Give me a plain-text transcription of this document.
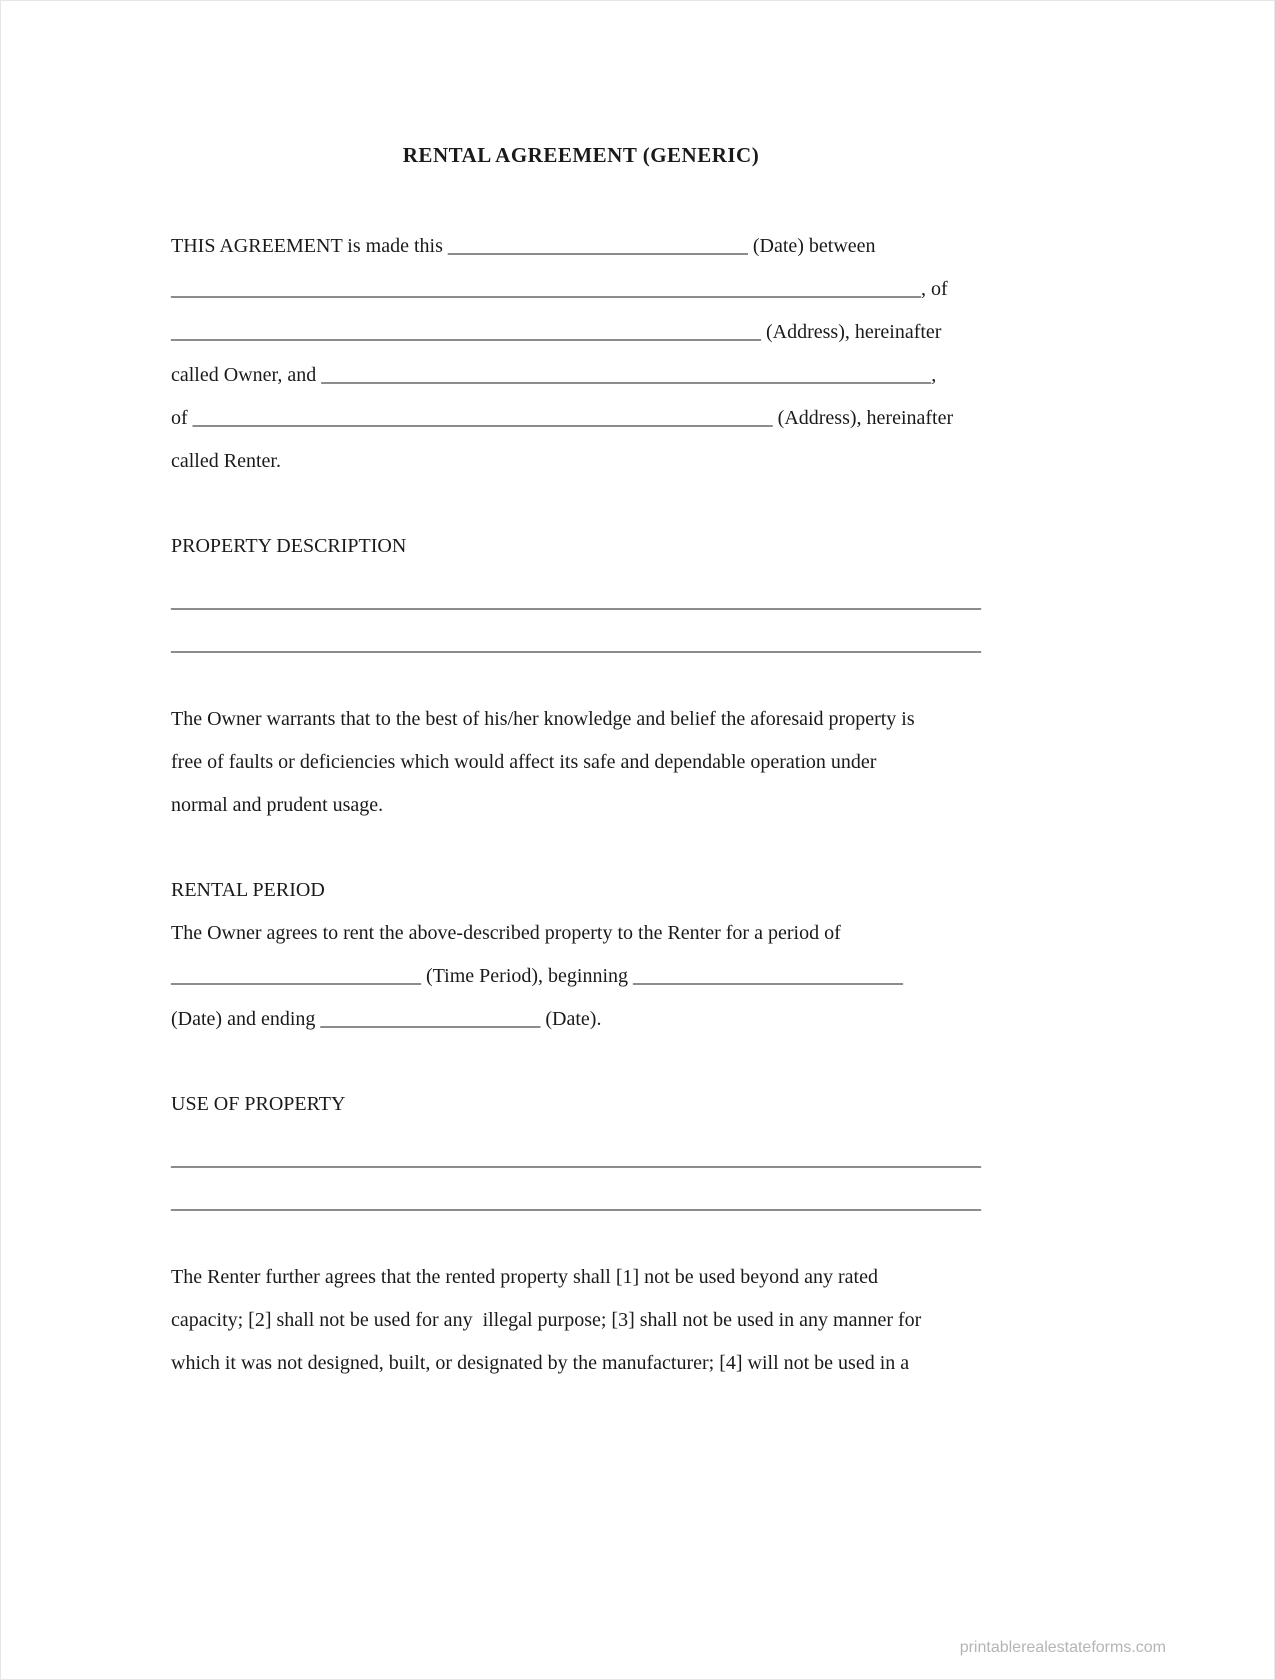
RENTAL AGREEMENT (GENERIC)
THIS AGREEMENT is made this ______________________________ (Date) between
___________________________________________________________________________, of
___________________________________________________________ (Address), hereinafter
called Owner, and _____________________________________________________________,
of __________________________________________________________ (Address), hereinafter
called Renter.
PROPERTY DESCRIPTION
_________________________________________________________________________________
_________________________________________________________________________________
The Owner warrants that to the best of his/her knowledge and belief the aforesaid property is
free of faults or deficiencies which would affect its safe and dependable operation under
normal and prudent usage.
RENTAL PERIOD
The Owner agrees to rent the above-described property to the Renter for a period of
_________________________ (Time Period), beginning ___________________________
(Date) and ending ______________________ (Date).
USE OF PROPERTY
_________________________________________________________________________________
_________________________________________________________________________________
The Renter further agrees that the rented property shall [1] not be used beyond any rated
capacity; [2] shall not be used for any  illegal purpose; [3] shall not be used in any manner for
which it was not designed, built, or designated by the manufacturer; [4] will not be used in a
printablerealestateforms.com
